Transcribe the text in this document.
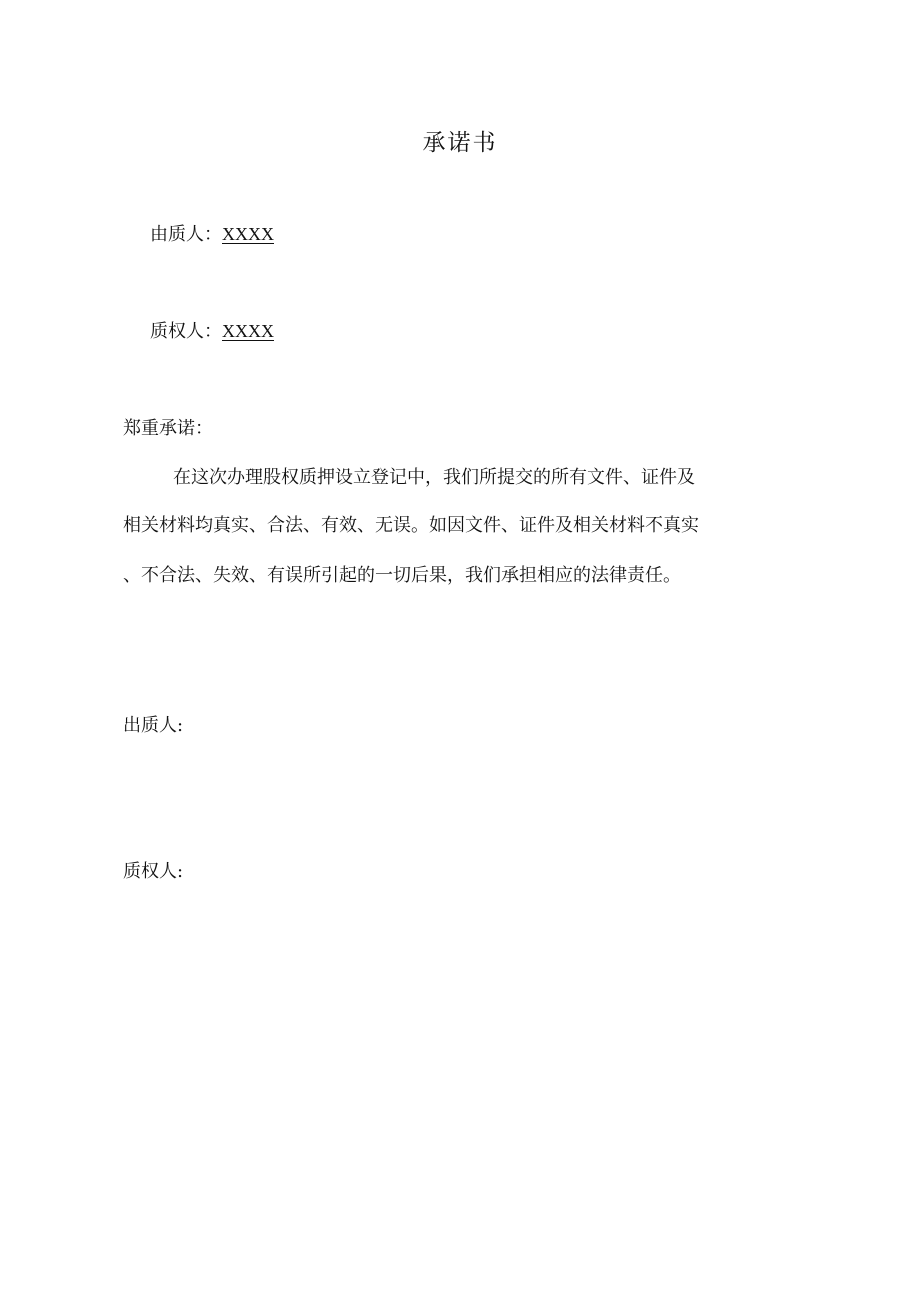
承诺书
由质人：XXXX
质权人：XXXX
郑重承诺：
在这次办理股权质押设立登记中，我们所提交的所有文件、证件及
相关材料均真实、合法、有效、无误。如因文件、证件及相关材料不真实
、不合法、失效、有误所引起的一切后果，我们承担相应的法律责任。
出质人:
质权人:
